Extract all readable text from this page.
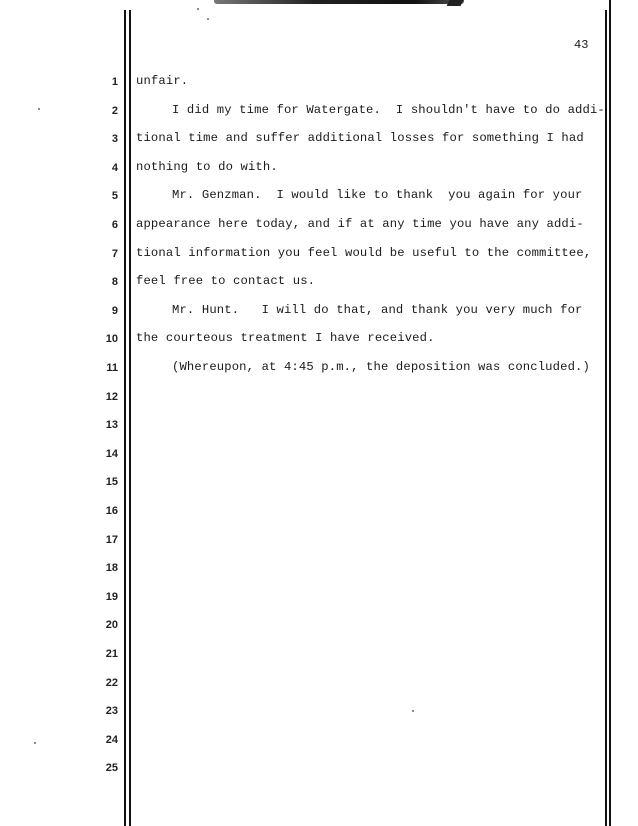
43
1
2
3
4
5
6
7
8
9
10
11
12
13
14
15
16
17
18
19
20
21
22
23
24
25
unfair.
I did my time for Watergate.  I shouldn't have to do addi-
tional time and suffer additional losses for something I had
nothing to do with.
Mr. Genzman.  I would like to thank  you again for your
appearance here today, and if at any time you have any addi-
tional information you feel would be useful to the committee,
feel free to contact us.
Mr. Hunt.   I will do that, and thank you very much for
the courteous treatment I have received.
(Whereupon, at 4:45 p.m., the deposition was concluded.)
